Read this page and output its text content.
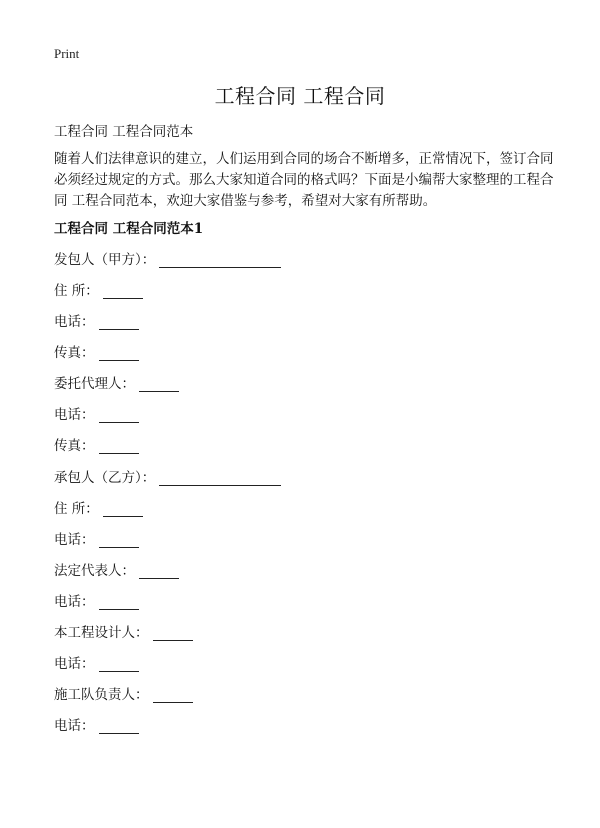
Print
工程合同 工程合同
工程合同 工程合同范本
随着人们法律意识的建立，人们运用到合同的场合不断增多，正常情况下，签订合同必须经过规定的方式。那么大家知道合同的格式吗？下面是小编帮大家整理的工程合同 工程合同范本，欢迎大家借鉴与参考，希望对大家有所帮助。
工程合同 工程合同范本1
发包人（甲方）：
住 所：
电话：
传真：
委托代理人：
电话：
传真：
承包人（乙方）：
住 所：
电话：
法定代表人：
电话：
本工程设计人：
电话：
施工队负责人：
电话：
